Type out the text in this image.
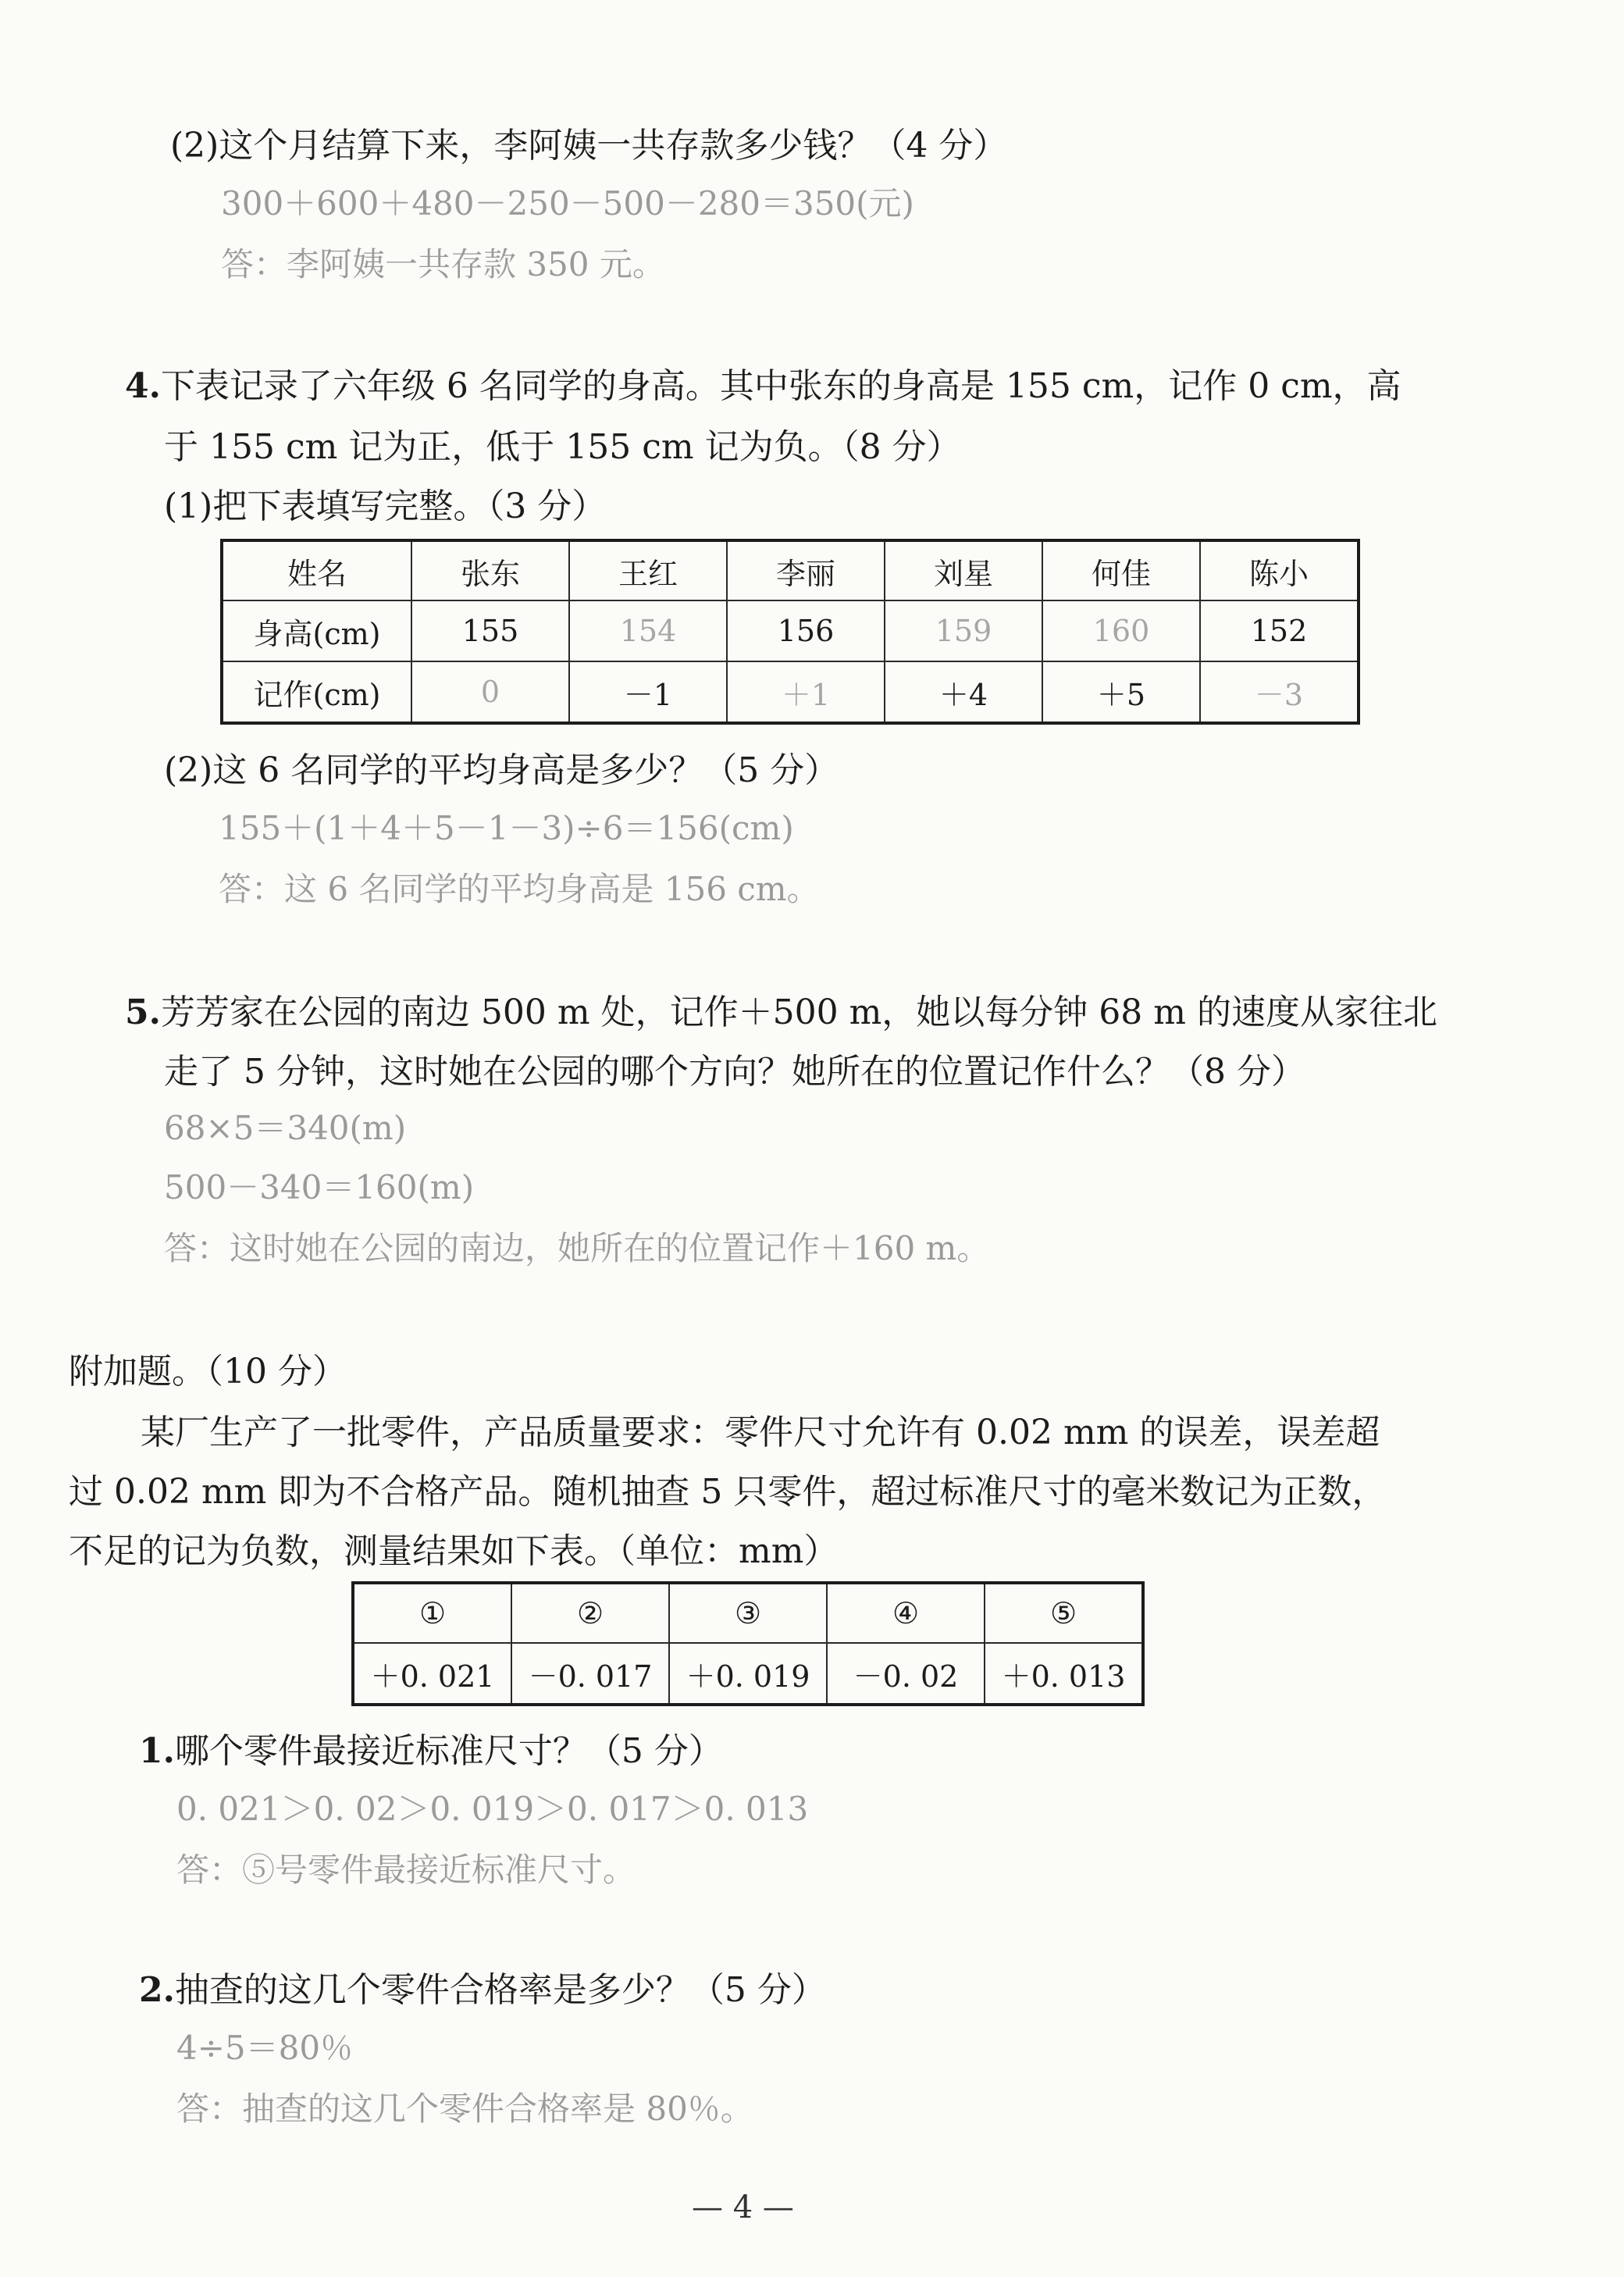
(2)这个月结算下来，李阿姨一共存款多少钱？（4 分）
300＋600＋480－250－500－280＝350(元)
答：李阿姨一共存款 350 元。
4.下表记录了六年级 6 名同学的身高。其中张东的身高是 155 cm，记作 0 cm，高
于 155 cm 记为正，低于 155 cm 记为负。（8 分）
(1)把下表填写完整。（3 分）
姓名	张东	王红	李丽	刘星	何佳	陈小
身高(cm)	155	154	156	159	160	152
记作(cm)	0	－1	＋1	＋4	＋5	－3
(2)这 6 名同学的平均身高是多少？（5 分）
155＋(1＋4＋5－1－3)÷6＝156(cm)
答：这 6 名同学的平均身高是 156 cm。
5.芳芳家在公园的南边 500 m 处，记作＋500 m，她以每分钟 68 m 的速度从家往北
走了 5 分钟，这时她在公园的哪个方向？她所在的位置记作什么？（8 分）
68×5＝340(m)
500－340＝160(m)
答：这时她在公园的南边，她所在的位置记作＋160 m。
附加题。（10 分）
某厂生产了一批零件，产品质量要求：零件尺寸允许有 0.02 mm 的误差，误差超
过 0.02 mm 即为不合格产品。随机抽查 5 只零件，超过标准尺寸的毫米数记为正数，
不足的记为负数，测量结果如下表。（单位：mm）
①	②	③	④	⑤
＋0. 021	－0. 017	＋0. 019	－0. 02	＋0. 013
1.哪个零件最接近标准尺寸？（5 分）
0. 021＞0. 02＞0. 019＞0. 017＞0. 013
答：⑤号零件最接近标准尺寸。
2.抽查的这几个零件合格率是多少？（5 分）
4÷5＝80％
答：抽查的这几个零件合格率是 80％。
— 4 —
